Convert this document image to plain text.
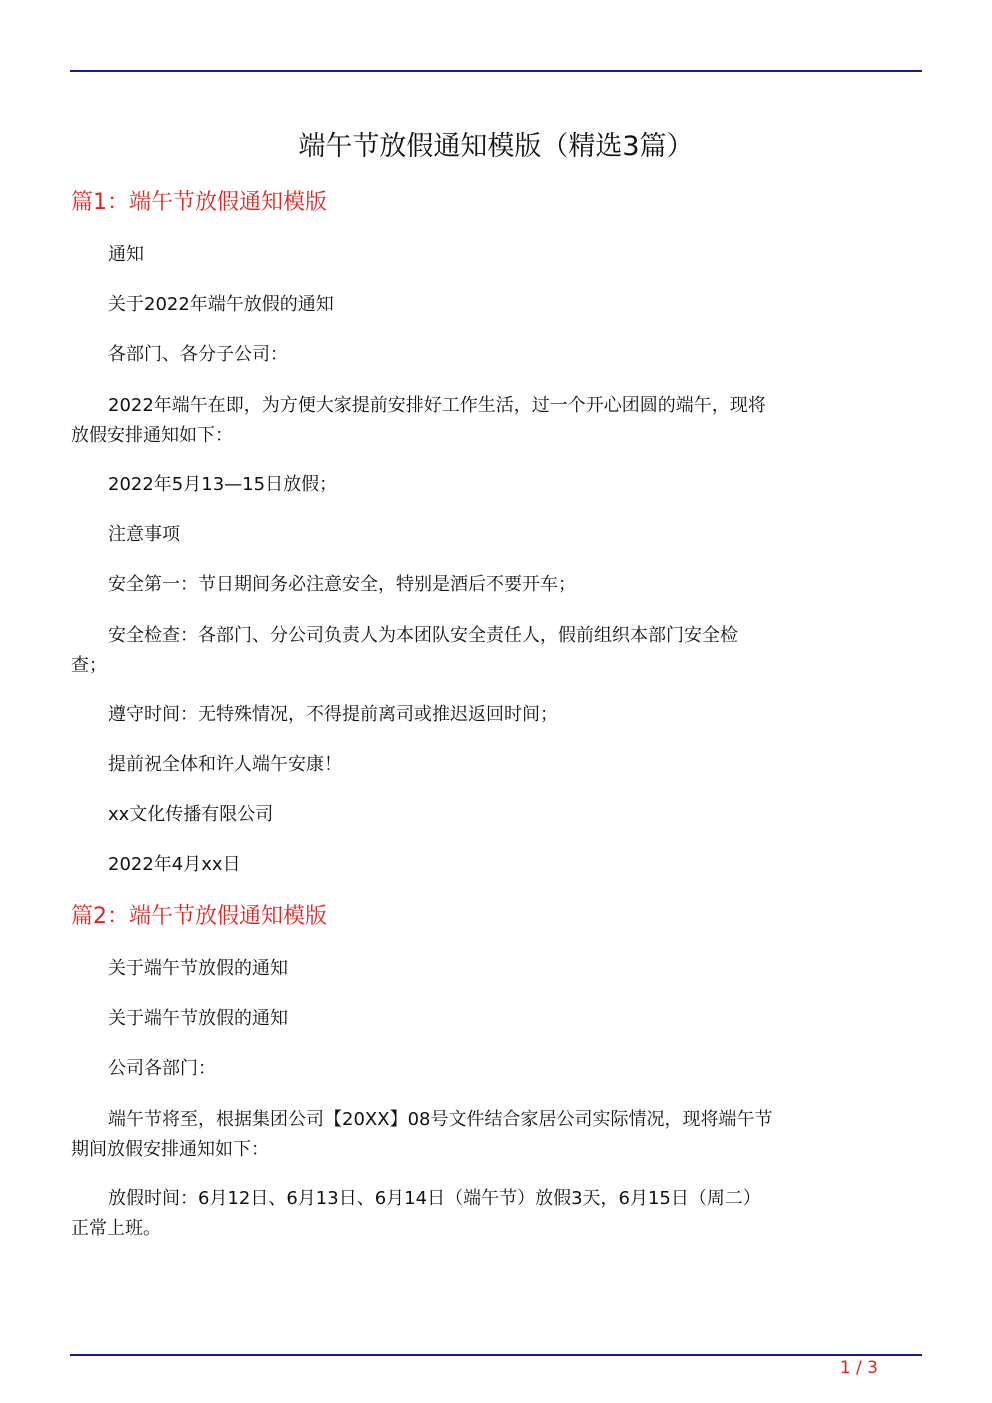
端午节放假通知模版（精选3篇）
篇1：端午节放假通知模版

通知

关于2022年端午放假的通知

各部门、各分子公司：

2022年端午在即，为方便大家提前安排好工作生活，过一个开心团圆的端午，现将放假安排通知如下：

2022年5月13—15日放假；

注意事项

安全第一：节日期间务必注意安全，特别是酒后不要开车；

安全检查：各部门、分公司负责人为本团队安全责任人，假前组织本部门安全检查；

遵守时间：无特殊情况，不得提前离司或推迟返回时间；

提前祝全体和许人端午安康！

xx文化传播有限公司

2022年4月xx日

篇2：端午节放假通知模版

关于端午节放假的通知

关于端午节放假的通知

公司各部门：

端午节将至，根据集团公司【20XX】08号文件结合家居公司实际情况，现将端午节期间放假安排通知如下：

放假时间：6月12日、6月13日、6月14日（端午节）放假3天，6月15日（周二）正常上班。

1 / 3
